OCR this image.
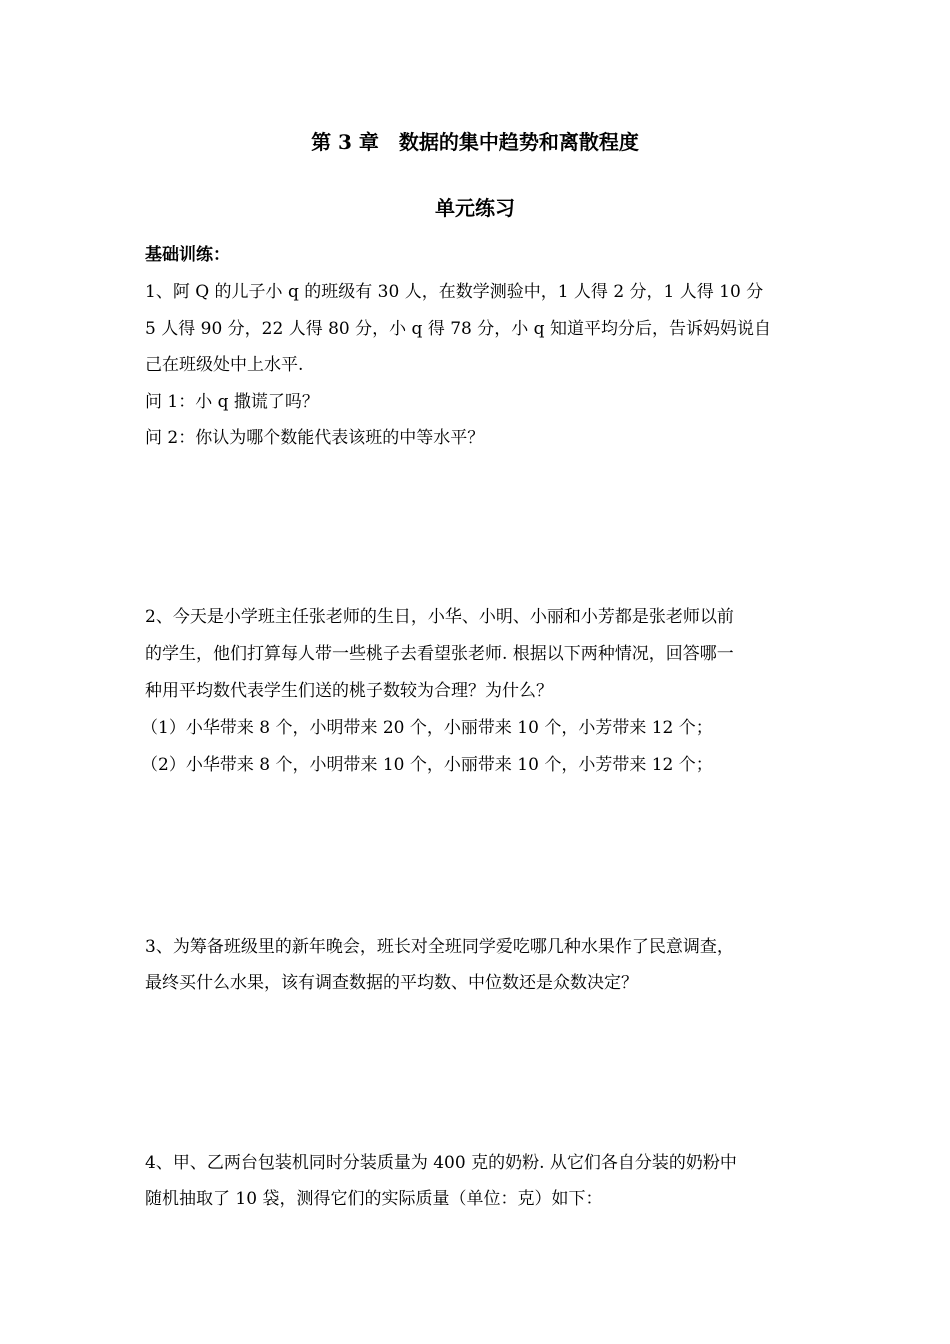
第 3 章　数据的集中趋势和离散程度
单元练习
基础训练：
1、阿 Q 的儿子小 q 的班级有 30 人，在数学测验中，1 人得 2 分，1 人得 10 分
5 人得 90 分，22 人得 80 分，小 q 得 78 分，小 q 知道平均分后，告诉妈妈说自
己在班级处中上水平.
问 1：小 q 撒谎了吗？
问 2：你认为哪个数能代表该班的中等水平？
2、今天是小学班主任张老师的生日，小华、小明、小丽和小芳都是张老师以前
的学生，他们打算每人带一些桃子去看望张老师. 根据以下两种情况，回答哪一
种用平均数代表学生们送的桃子数较为合理？为什么？
（1）小华带来 8 个，小明带来 20 个，小丽带来 10 个，小芳带来 12 个；
（2）小华带来 8 个，小明带来 10 个，小丽带来 10 个，小芳带来 12 个；
3、为筹备班级里的新年晚会，班长对全班同学爱吃哪几种水果作了民意调查，
最终买什么水果，该有调查数据的平均数、中位数还是众数决定？
4、甲、乙两台包装机同时分装质量为 400 克的奶粉. 从它们各自分装的奶粉中
随机抽取了 10 袋，测得它们的实际质量（单位：克）如下：
